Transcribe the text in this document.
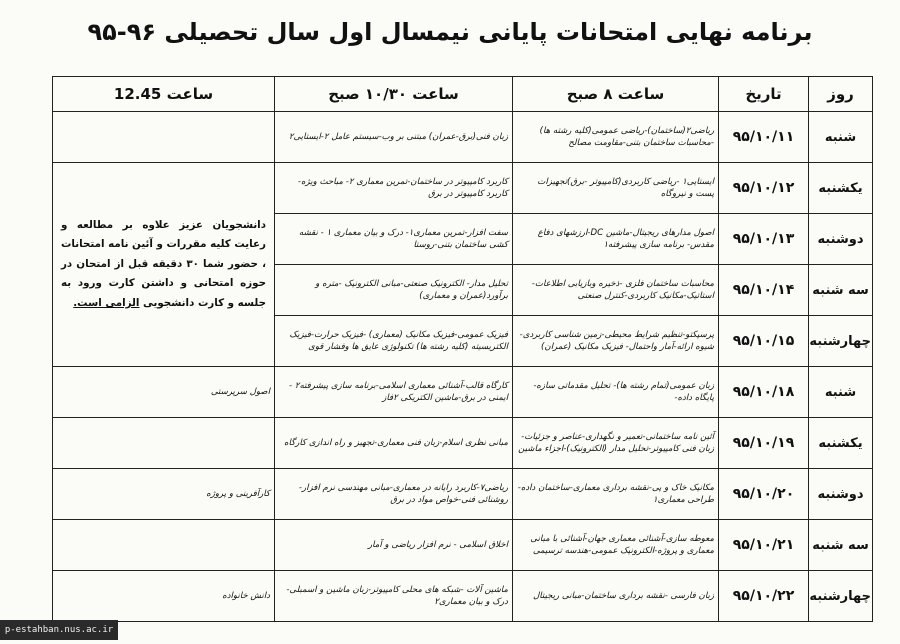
برنامه نهایی امتحانات پایانی نیمسال اول سال تحصیلی ۹۶-۹۵
روز	تاریخ	ساعت ۸ صبح	ساعت ۱۰/۳۰ صبح	ساعت 12.45
شنبه	۹۵/۱۰/۱۱	ریاضی۲(ساختمان)-ریاضی عمومی(کلیه رشته ها) -محاسبات ساختمان بتنی-مقاومت مصالح	زبان فنی(برق-عمران) مبتنی بر وب-سیستم عامل ۲-ایستایی۲	
یکشنبه	۹۵/۱۰/۱۲	ایستایی۱ -ریاضی کاربردی(کامپیوتر -برق)تجهیزات پست و نیروگاه	کاربرد کامپیوتر در ساختمان-تمرین معماری ۲- مباحث ویژه-کاربرد کامپیوتر در برق	دانشجویان عزیز علاوه بر مطالعه و رعایت کلیه مقررات و آئین نامه امتحانات ، حضور شما ۳۰ دقیقه قبل از امتحان در حوزه امتحانی و داشتن کارت ورود به جلسه و کارت دانشجویی الزامی است.
دوشنبه	۹۵/۱۰/۱۳	اصول مدارهای ریجیتال-ماشین DC-ارزشهای دفاع مقدس- برنامه سازی پیشرفته۱	سفت افزار-تمرین معماری۱- درک و بیان معماری ۱ - نقشه کشی ساختمان بتنی-روستا	
سه شنبه	۹۵/۱۰/۱۴	محاسبات ساختمان فلزی -ذخیره وبازیابی اطلاعات-استاتیک-مکانیک کاربردی-کنترل صنعتی	تحلیل مدار- الکترونیک صنعتی-مبانی الکترونیک -متره و برآورد(عمران و معماری)	
چهارشنبه	۹۵/۱۰/۱۵	پرسپکتو-تنظیم شرایط محیطی-زمین شناسی کاربردی-شیوه ارائه-آمار واحتمال- فیزیک مکانیک (عمران)	فیزیک عمومی-فیزیک مکانیک (معماری) -فیزیک حرارت-فیزیک الکتریسیته (کلیه رشته ها) تکنولوژی عایق ها وفشار قوی	
شنبه	۹۵/۱۰/۱۸	زبان عمومی(تمام رشته ها)- تحلیل مقدماتی سازه-پایگاه داده-	کارگاه قالب-آشنائی معماری اسلامی-برنامه سازی پیشرفته۲ - ایمنی در برق-ماشین الکتریکی ۲فاز	اصول سرپرستی
یکشنبه	۹۵/۱۰/۱۹	آئین نامه ساختمانی-تعمیر و نگهداری-عناصر و جزئیات-زبان فنی کامپیوتر-تحلیل مدار (الکترونیک)-اجزاء ماشین	مبانی نظری اسلام-زبان فنی معماری-تجهیز و راه اندازی کارگاه	
دوشنبه	۹۵/۱۰/۲۰	مکانیک خاک و پی-نقشه برداری معماری-ساختمان داده- طراحی معماری۱	ریاضی۷-کاربرد رایانه در معماری-مبانی مهندسی نرم افزار-روشنائی فنی-خواص مواد در برق	کارآفرینی و پروژه
سه شنبه	۹۵/۱۰/۲۱	معوطه سازی-آشنائی معماری جهان-آشنائی با مبانی معماری و پروژه-الکترونیک عمومی-هندسه ترسیمی	اخلاق اسلامی - نرم افزار ریاضی و آمار	
چهارشنبه	۹۵/۱۰/۲۲	زبان فارسی -نقشه برداری ساختمان-مبانی ریجیتال	ماشین آلات -شبکه های محلی کامپیوتر-زبان ماشین و اسمبلی-درک و بیان معماری۲	دانش خانواده
p-estahban.nus.ac.ir
